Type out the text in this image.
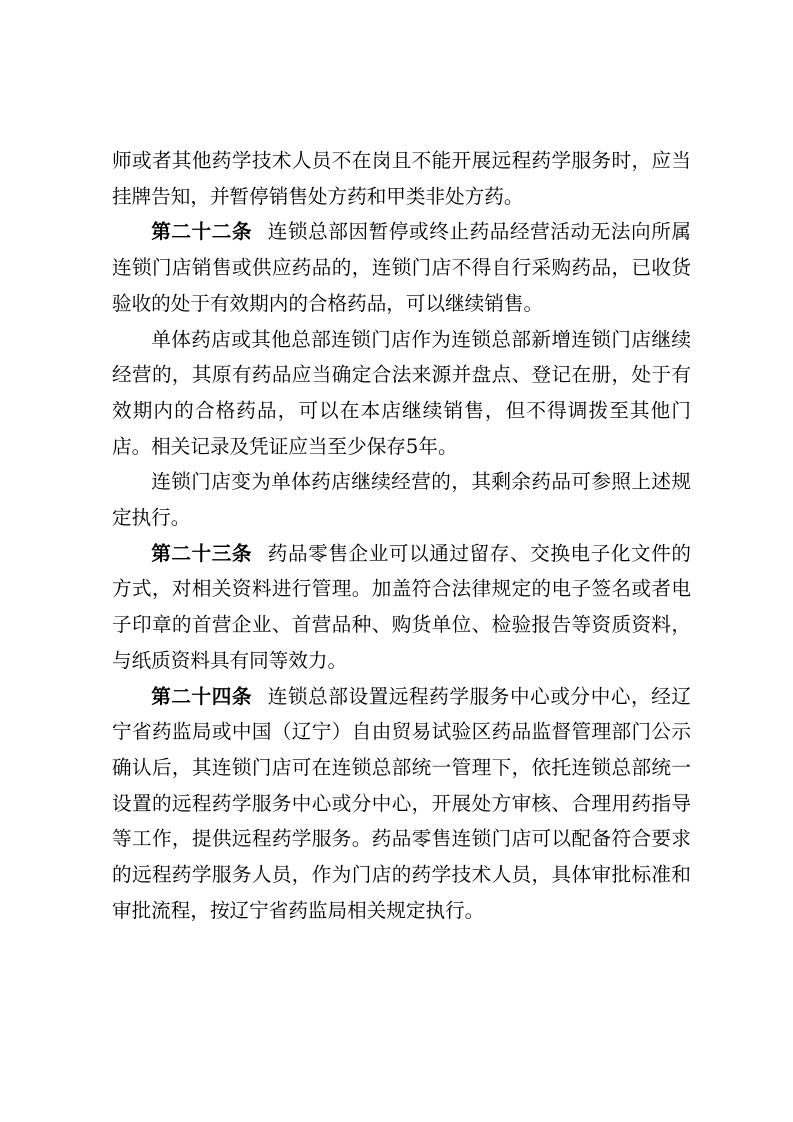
师或者其他药学技术人员不在岗且不能开展远程药学服务时，应当挂牌告知，并暂停销售处方药和甲类非处方药。

第二十二条 连锁总部因暂停或终止药品经营活动无法向所属连锁门店销售或供应药品的，连锁门店不得自行采购药品，已收货验收的处于有效期内的合格药品，可以继续销售。

单体药店或其他总部连锁门店作为连锁总部新增连锁门店继续经营的，其原有药品应当确定合法来源并盘点、登记在册，处于有效期内的合格药品，可以在本店继续销售，但不得调拨至其他门店。相关记录及凭证应当至少保存5年。

连锁门店变为单体药店继续经营的，其剩余药品可参照上述规定执行。

第二十三条 药品零售企业可以通过留存、交换电子化文件的方式，对相关资料进行管理。加盖符合法律规定的电子签名或者电子印章的首营企业、首营品种、购货单位、检验报告等资质资料，与纸质资料具有同等效力。

第二十四条 连锁总部设置远程药学服务中心或分中心，经辽宁省药监局或中国（辽宁）自由贸易试验区药品监督管理部门公示确认后，其连锁门店可在连锁总部统一管理下，依托连锁总部统一设置的远程药学服务中心或分中心，开展处方审核、合理用药指导等工作，提供远程药学服务。药品零售连锁门店可以配备符合要求的远程药学服务人员，作为门店的药学技术人员，具体审批标准和审批流程，按辽宁省药监局相关规定执行。
